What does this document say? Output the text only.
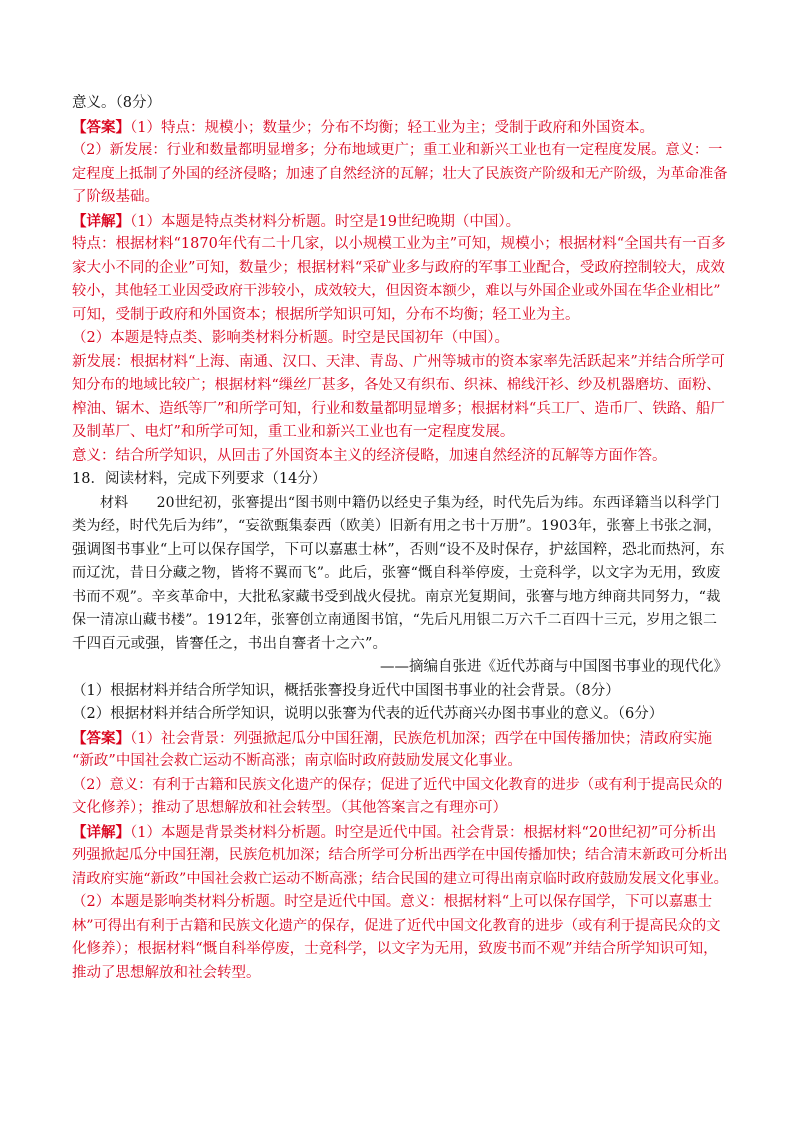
意义。（8分）
【答案】（1）特点：规模小；数量少；分布不均衡；轻工业为主；受制于政府和外国资本。
（2）新发展：行业和数量都明显增多；分布地域更广；重工业和新兴工业也有一定程度发展。意义：一
定程度上抵制了外国的经济侵略；加速了自然经济的瓦解；壮大了民族资产阶级和无产阶级，为革命准备
了阶级基础。
【详解】（1）本题是特点类材料分析题。时空是19世纪晚期（中国）。
特点：根据材料“1870年代有二十几家，以小规模工业为主”可知，规模小；根据材料“全国共有一百多
家大小不同的企业”可知，数量少；根据材料“采矿业多与政府的军事工业配合，受政府控制较大，成效
较小，其他轻工业因受政府干涉较小，成效较大，但因资本额少，难以与外国企业或外国在华企业相比”
可知，受制于政府和外国资本；根据所学知识可知，分布不均衡；轻工业为主。
（2）本题是特点类、影响类材料分析题。时空是民国初年（中国）。
新发展：根据材料“上海、南通、汉口、天津、青岛、广州等城市的资本家率先活跃起来”并结合所学可
知分布的地域比较广；根据材料“缫丝厂甚多，各处又有织布、织袜、棉线汗衫、纱及机器磨坊、面粉、
榨油、锯木、造纸等厂”和所学可知，行业和数量都明显增多；根据材料“兵工厂、造币厂、铁路、船厂
及制革厂、电灯”和所学可知，重工业和新兴工业也有一定程度发展。
意义：结合所学知识，从回击了外国资本主义的经济侵略，加速自然经济的瓦解等方面作答。
18．阅读材料，完成下列要求（14分）
材料　　20世纪初，张謇提出“图书则中籍仍以经史子集为经，时代先后为纬。东西译籍当以科学门
类为经，时代先后为纬”，“妄欲甄集泰西（欧美）旧新有用之书十万册”。1903年，张謇上书张之洞，
强调图书事业“上可以保存国学，下可以嘉惠士林”，否则“设不及时保存，护兹国粹，恐北而热河，东
而辽沈，昔日分藏之物，皆将不翼而飞”。此后，张謇“慨自科举停废，士竞科学，以文字为无用，致废
书而不观”。辛亥革命中，大批私家藏书受到战火侵扰。南京光复期间，张謇与地方绅商共同努力，“裁
保一清凉山藏书楼”。1912年，张謇创立南通图书馆，“先后凡用银二万六千二百四十三元，岁用之银二
千四百元或强，皆謇任之，书出自謇者十之六”。
——摘编自张进《近代苏商与中国图书事业的现代化》
（1）根据材料并结合所学知识，概括张謇投身近代中国图书事业的社会背景。（8分）
（2）根据材料并结合所学知识，说明以张謇为代表的近代苏商兴办图书事业的意义。（6分）
【答案】（1）社会背景：列强掀起瓜分中国狂潮，民族危机加深；西学在中国传播加快；清政府实施
“新政”中国社会救亡运动不断高涨；南京临时政府鼓励发展文化事业。
（2）意义：有利于古籍和民族文化遗产的保存；促进了近代中国文化教育的进步（或有利于提高民众的
文化修养）；推动了思想解放和社会转型。（其他答案言之有理亦可）
【详解】（1）本题是背景类材料分析题。时空是近代中国。社会背景：根据材料“20世纪初”可分析出
列强掀起瓜分中国狂潮，民族危机加深；结合所学可分析出西学在中国传播加快；结合清末新政可分析出
清政府实施“新政”中国社会救亡运动不断高涨；结合民国的建立可得出南京临时政府鼓励发展文化事业。
（2）本题是影响类材料分析题。时空是近代中国。意义：根据材料“上可以保存国学，下可以嘉惠士
林”可得出有利于古籍和民族文化遗产的保存，促进了近代中国文化教育的进步（或有利于提高民众的文
化修养）；根据材料“慨自科举停废，士竞科学，以文字为无用，致废书而不观”并结合所学知识可知，
推动了思想解放和社会转型。
